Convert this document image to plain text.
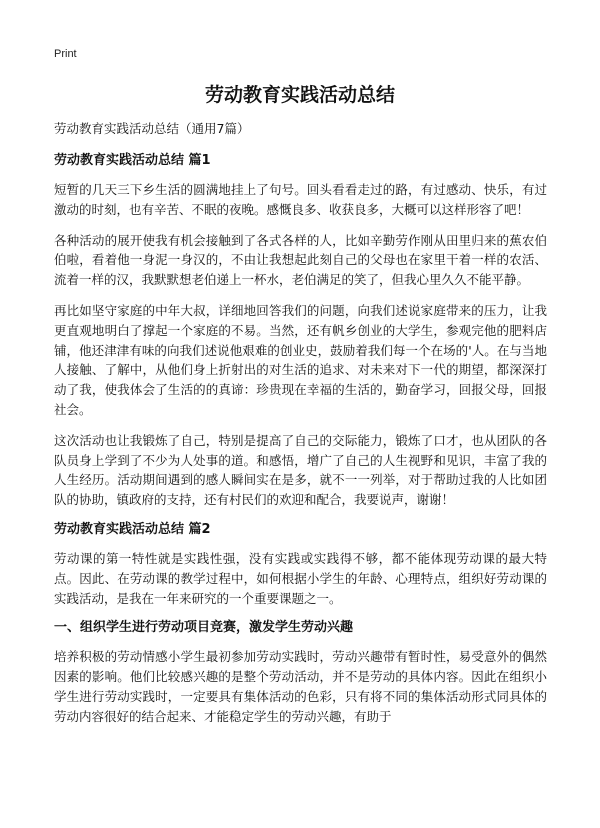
Print
劳动教育实践活动总结

劳动教育实践活动总结（通用7篇）

劳动教育实践活动总结 篇1

短暂的几天三下乡生活的圆满地挂上了句号。回头看看走过的路，有过感动、快乐，有过激动的时刻，也有辛苦、不眠的夜晚。感慨良多、收获良多，大概可以这样形容了吧！

各种活动的展开使我有机会接触到了各式各样的人，比如辛勤劳作刚从田里归来的蕉农伯伯啦，看着他一身泥一身汉的，不由让我想起此刻自己的父母也在家里干着一样的农活、流着一样的汉，我默默想老伯递上一杯水，老伯满足的笑了，但我心里久久不能平静。

再比如坚守家庭的中年大叔，详细地回答我们的问题，向我们述说家庭带来的压力，让我更直观地明白了撑起一个家庭的不易。当然，还有帆乡创业的大学生，参观完他的肥料店铺，他还津津有味的向我们述说他艰难的创业史，鼓励着我们每一个在场的'人。在与当地人接触、了解中，从他们身上折射出的对生活的追求、对未来对下一代的期望，都深深打动了我，使我体会了生活的的真谛：珍贵现在幸福的生活的，勤奋学习，回报父母，回报社会。

这次活动也让我锻炼了自己，特别是提高了自己的交际能力，锻炼了口才，也从团队的各队员身上学到了不少为人处事的道。和感悟，增广了自己的人生视野和见识，丰富了我的人生经历。活动期间遇到的感人瞬间实在是多，就不一一列举，对于帮助过我的人比如团队的协助，镇政府的支持，还有村民们的欢迎和配合，我要说声，谢谢！

劳动教育实践活动总结 篇2

劳动课的第一特性就是实践性强，没有实践或实践得不够，都不能体现劳动课的最大特点。因此、在劳动课的教学过程中，如何根据小学生的年龄、心理特点，组织好劳动课的实践活动，是我在一年来研究的一个重要课题之一。

一、组织学生进行劳动项目竞赛，激发学生劳动兴趣

培养积极的劳动情感小学生最初参加劳动实践时，劳动兴趣带有暂时性，易受意外的偶然因素的影响。他们比较感兴趣的是整个劳动活动，并不是劳动的具体内容。因此在组织小学生进行劳动实践时，一定要具有集体活动的色彩，只有将不同的集体活动形式同具体的劳动内容很好的结合起来、才能稳定学生的劳动兴趣，有助于
